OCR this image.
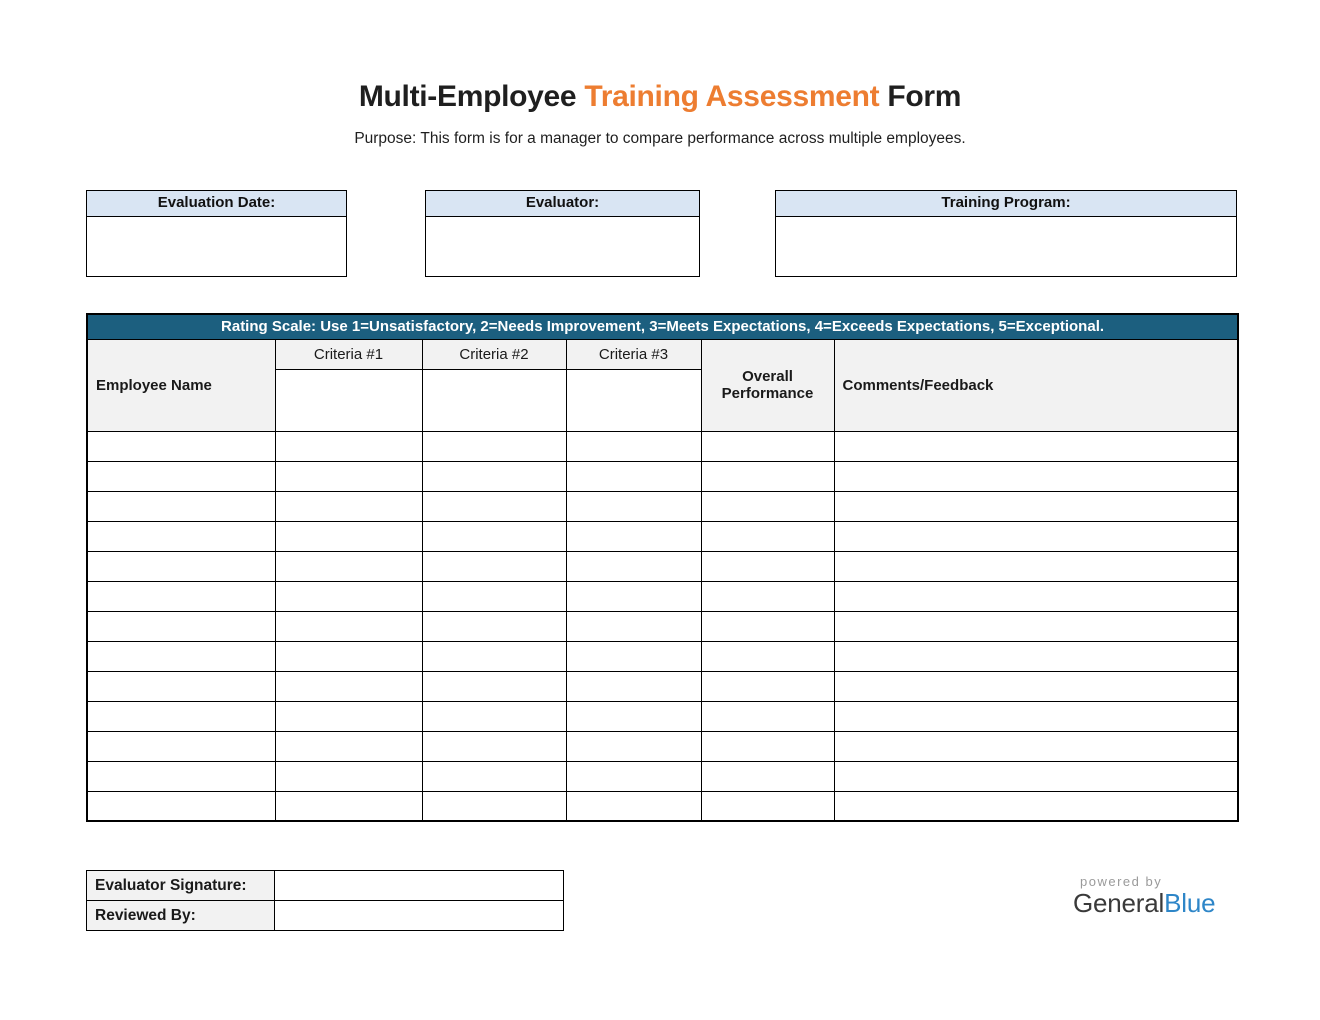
Multi-Employee Training Assessment Form
Purpose: This form is for a manager to compare performance across multiple employees.
Evaluation Date:	Evaluator:	Training Program:
Rating Scale: Use 1=Unsatisfactory, 2=Needs Improvement, 3=Meets Expectations, 4=Exceeds Expectations, 5=Exceptional.					
Employee Name	Criteria #1	Criteria #2	Criteria #3	Overall Performance	Comments/Feedback

Evaluator Signature:	
Reviewed By:	
powered by
GeneralBlue
